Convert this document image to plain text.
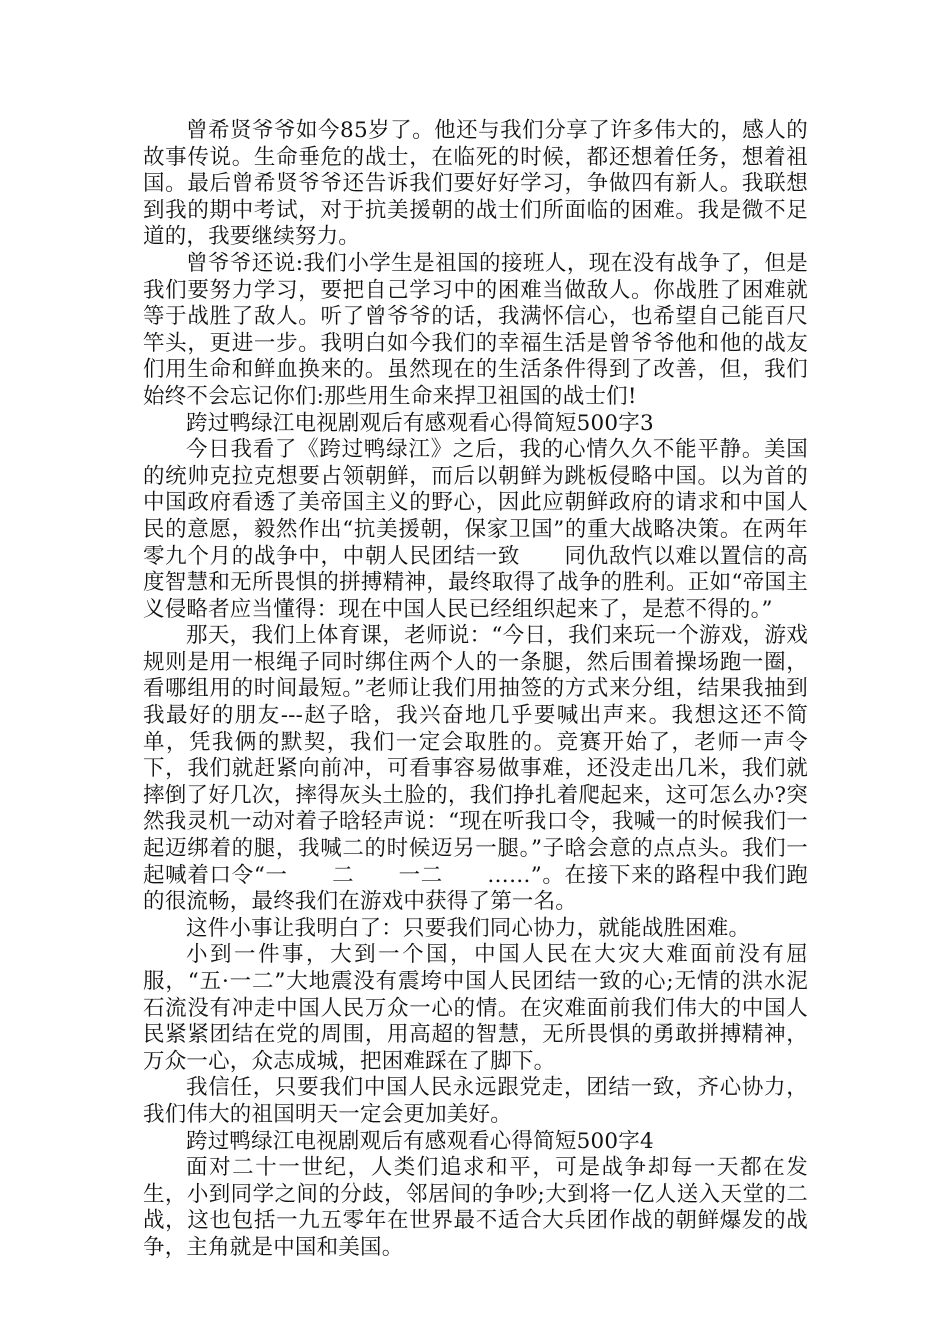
曾希贤爷爷如今85岁了。他还与我们分享了许多伟大的，感人的故事传说。生命垂危的战士，在临死的时候，都还想着任务，想着祖国。最后曾希贤爷爷还告诉我们要好好学习，争做四有新人。我联想到我的期中考试，对于抗美援朝的战士们所面临的困难。我是微不足道的，我要继续努力。

曾爷爷还说:我们小学生是祖国的接班人，现在没有战争了，但是我们要努力学习，要把自己学习中的困难当做敌人。你战胜了困难就等于战胜了敌人。听了曾爷爷的话，我满怀信心，也希望自己能百尺竿头，更进一步。我明白如今我们的幸福生活是曾爷爷他和他的战友们用生命和鲜血换来的。虽然现在的生活条件得到了改善，但，我们始终不会忘记你们:那些用生命来捍卫祖国的战士们!

跨过鸭绿江电视剧观后有感观看心得简短500字3

今日我看了《跨过鸭绿江》之后，我的心情久久不能平静。美国的统帅克拉克想要占领朝鲜，而后以朝鲜为跳板侵略中国。以为首的中国政府看透了美帝国主义的野心，因此应朝鲜政府的请求和中国人民的意愿，毅然作出“抗美援朝，保家卫国”的重大战略决策。在两年零九个月的战争中，中朝人民团结一致　　同仇敌忾以难以置信的高度智慧和无所畏惧的拼搏精神，最终取得了战争的胜利。正如“帝国主义侵略者应当懂得：现在中国人民已经组织起来了，是惹不得的。”

那天，我们上体育课，老师说：“今日，我们来玩一个游戏，游戏规则是用一根绳子同时绑住两个人的一条腿，然后围着操场跑一圈，看哪组用的时间最短。”老师让我们用抽签的方式来分组，结果我抽到我最好的朋友---赵子晗，我兴奋地几乎要喊出声来。我想这还不简单，凭我俩的默契，我们一定会取胜的。竞赛开始了，老师一声令下，我们就赶紧向前冲，可看事容易做事难，还没走出几米，我们就摔倒了好几次，摔得灰头土脸的，我们挣扎着爬起来，这可怎么办?突然我灵机一动对着子晗轻声说：“现在听我口令，我喊一的时候我们一起迈绑着的腿，我喊二的时候迈另一腿。”子晗会意的点点头。我们一起喊着口令“一　　二　　一二　　……”。在接下来的路程中我们跑的很流畅，最终我们在游戏中获得了第一名。

这件小事让我明白了：只要我们同心协力，就能战胜困难。

小到一件事，大到一个国，中国人民在大灾大难面前没有屈服，“五·一二”大地震没有震垮中国人民团结一致的心;无情的洪水泥石流没有冲走中国人民万众一心的情。在灾难面前我们伟大的中国人民紧紧团结在党的周围，用高超的智慧，无所畏惧的勇敢拼搏精神，万众一心，众志成城，把困难踩在了脚下。

我信任，只要我们中国人民永远跟党走，团结一致，齐心协力，我们伟大的祖国明天一定会更加美好。

跨过鸭绿江电视剧观后有感观看心得简短500字4

面对二十一世纪，人类们追求和平，可是战争却每一天都在发生，小到同学之间的分歧，邻居间的争吵;大到将一亿人送入天堂的二战，这也包括一九五零年在世界最不适合大兵团作战的朝鲜爆发的战争，主角就是中国和美国。
